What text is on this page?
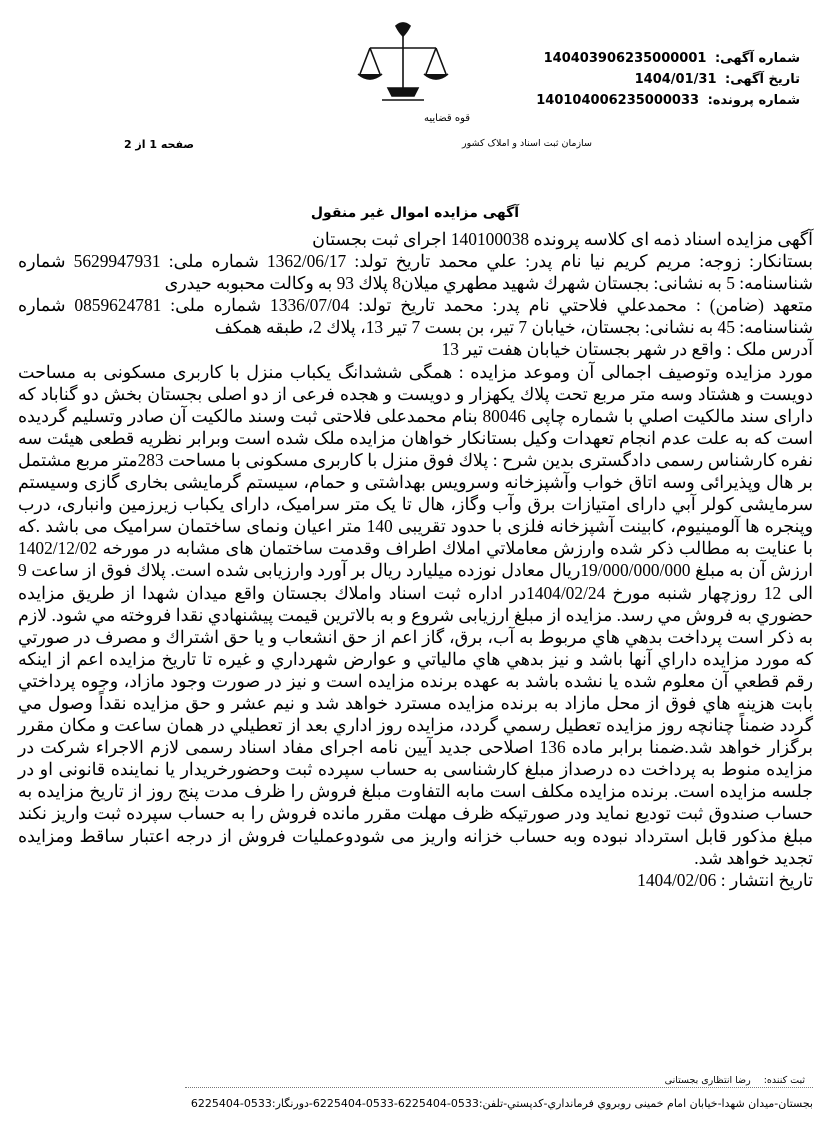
شماره آگهی: 140403906235000001
تاریخ آگهی: 1404/01/31
شماره پرونده: 140104006235000033
قوه قضاییه
سازمان ثبت اسناد و املاک کشور
صفحه 1 از 2
آگهی مزایده اموال غیر منقول

آگهی مزایده اسناد ذمه ای کلاسه پرونده 140100038 اجرای ثبت بجستان

بستانکار: زوجه: مریم کریم نیا نام پدر: علي محمد تاریخ تولد: 1362/06/17 شماره ملی: 5629947931 شماره شناسنامه: 5 به نشانی: بجستان شهرك شهید مطهري میلان8 پلاك 93 به وکالت محبوبه حیدری

متعهد (ضامن) : محمدعلي فلاحتي نام پدر: محمد تاریخ تولد: 1336/07/04 شماره ملی: 0859624781 شماره شناسنامه: 45 به نشانی: بجستان، خیابان 7 تیر، بن بست 7 تیر 13، پلاك 2، طبقه همکف

آدرس ملک : واقع در شهر بجستان خیابان هفت تیر 13

مورد مزایده وتوصیف اجمالی آن وموعد مزایده : همگی ششدانگ یکباب منزل با کاربری مسکونی به مساحت دویست و هشتاد وسه متر مربع تحت پلاك یکهزار و دویست و هجده فرعی از دو اصلی بجستان بخش دو گناباد که دارای سند مالکیت اصلي با شماره چاپی 80046 بنام محمدعلی فلاحتی ثبت وسند مالکیت آن صادر وتسلیم گردیده است که به علت عدم انجام تعهدات وکیل بستانکار خواهان مزایده ملک شده است وبرابر نظریه قطعی هیئت سه نفره کارشناس رسمی دادگستری بدین شرح : پلاك فوق منزل با کاربری مسکونی با مساحت 283متر مربع مشتمل بر هال وپذیرائی وسه اتاق خواب وآشپزخانه وسرویس بهداشتی و حمام، سیستم گرمایشی بخاری گازی وسیستم سرمایشی کولر آبي دارای امتیازات برق وآب وگاز، هال تا یک متر سرامیک، دارای یکباب زیرزمین وانباری، درب وپنجره ها آلومینیوم، کابینت آشپزخانه فلزی با حدود تقریبی 140 متر اعیان ونمای ساختمان سرامیک می باشد .که با عنایت به مطالب ذکر شده وارزش معاملاتي املاك اطراف وقدمت ساختمان های مشابه در مورخه 1402/12/02 ارزش آن به مبلغ 19/000/000/000ریال معادل نوزده میلیارد ریال بر آورد وارزیابی شده است. پلاك فوق از ساعت 9 الی 12 روزچهار شنبه مورخ 1404/02/24در اداره ثبت اسناد واملاك بجستان واقع میدان شهدا از طریق مزایده حضوري به فروش مي رسد. مزایده از مبلغ ارزیابی شروع و به بالاترین قیمت پیشنهادي نقدا فروخته مي شود. لازم به ذكر است پرداخت بدهي هاي مربوط به آب، برق، گاز اعم از حق انشعاب و یا حق اشتراك و مصرف در صورتي كه مورد مزایده داراي آنها باشد و نیز بدهي هاي مالیاتي و عوارض شهرداري و غیره تا تاریخ مزایده اعم از اینكه رقم قطعي آن معلوم شده یا نشده باشد به عهده برنده مزایده است و نیز در صورت وجود مازاد، وجوه پرداختي بابت هزینه هاي فوق از محل مازاد به برنده مزایده مسترد خواهد شد و نیم عشر و حق مزایده نقداً وصول مي گردد ضمناً چنانچه روز مزایده تعطیل رسمي گردد، مزایده روز اداري بعد از تعطیلي در همان ساعت و مكان مقرر برگزار خواهد شد.ضمنا برابر ماده 136 اصلاحی جدید آیین نامه اجرای مفاد اسناد رسمی لازم الاجراء شرکت در مزایده منوط به پرداخت ده درصداز مبلغ کارشناسی به حساب سپرده ثبت وحضورخریدار یا نماینده قانونی او در جلسه مزایده است. برنده مزایده مکلف است مابه التفاوت مبلغ فروش را ظرف مدت پنج روز از تاریخ مزایده به حساب صندوق ثبت تودیع نماید ودر صورتیکه ظرف مهلت مقرر مانده فروش را به حساب سپرده ثبت واریز نکند مبلغ مذکور قابل استرداد نبوده وبه حساب خزانه واریز می شودوعملیات فروش از درجه اعتبار ساقط ومزایده تجدید خواهد شد.

تاریخ انتشار : 1404/02/06

ثبت کننده: رضا انتظاری بجستانی
بجستان-میدان شهدا-خیابان امام خمینی روبروي فرمانداري-کدپستي-تلفن:0533-6225404-0533-6225404-دورنگار:0533-6225404
